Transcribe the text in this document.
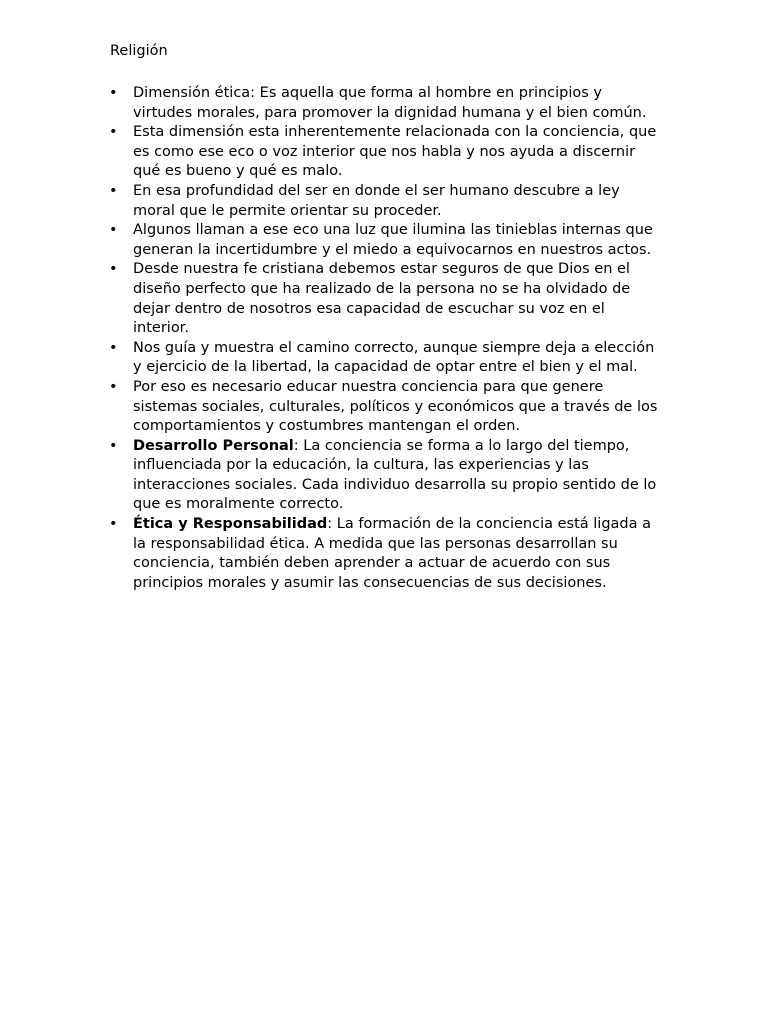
Religión

• Dimensión ética: Es aquella que forma al hombre en principios y virtudes morales, para promover la dignidad humana y el bien común.
• Esta dimensión esta inherentemente relacionada con la conciencia, que es como ese eco o voz interior que nos habla y nos ayuda a discernir qué es bueno y qué es malo.
• En esa profundidad del ser en donde el ser humano descubre a ley moral que le permite orientar su proceder.
• Algunos llaman a ese eco una luz que ilumina las tinieblas internas que generan la incertidumbre y el miedo a equivocarnos en nuestros actos.
• Desde nuestra fe cristiana debemos estar seguros de que Dios en el diseño perfecto que ha realizado de la persona no se ha olvidado de dejar dentro de nosotros esa capacidad de escuchar su voz en el interior.
• Nos guía y muestra el camino correcto, aunque siempre deja a elección y ejercicio de la libertad, la capacidad de optar entre el bien y el mal.
• Por eso es necesario educar nuestra conciencia para que genere sistemas sociales, culturales, políticos y económicos que a través de los comportamientos y costumbres mantengan el orden.
• Desarrollo Personal: La conciencia se forma a lo largo del tiempo, influenciada por la educación, la cultura, las experiencias y las interacciones sociales. Cada individuo desarrolla su propio sentido de lo que es moralmente correcto.
• Ética y Responsabilidad: La formación de la conciencia está ligada a la responsabilidad ética. A medida que las personas desarrollan su conciencia, también deben aprender a actuar de acuerdo con sus principios morales y asumir las consecuencias de sus decisiones.
